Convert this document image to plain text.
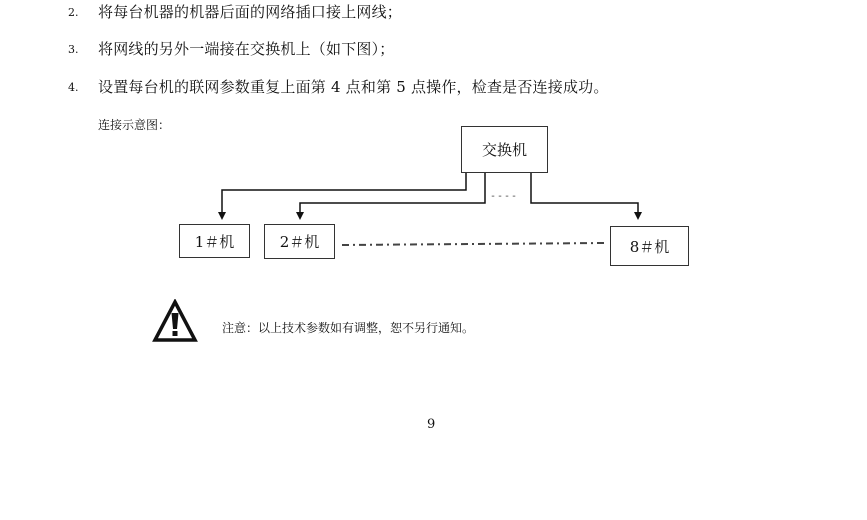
2. 将每台机器的机器后面的网络插口接上网线；
3. 将网线的另外一端接在交换机上（如下图）；
4. 设置每台机的联网参数重复上面第 4 点和第 5 点操作，检查是否连接成功。
连接示意图：
交换机
----
1＃机	2＃机	8＃机
注意：以上技术参数如有调整，恕不另行通知。
9
